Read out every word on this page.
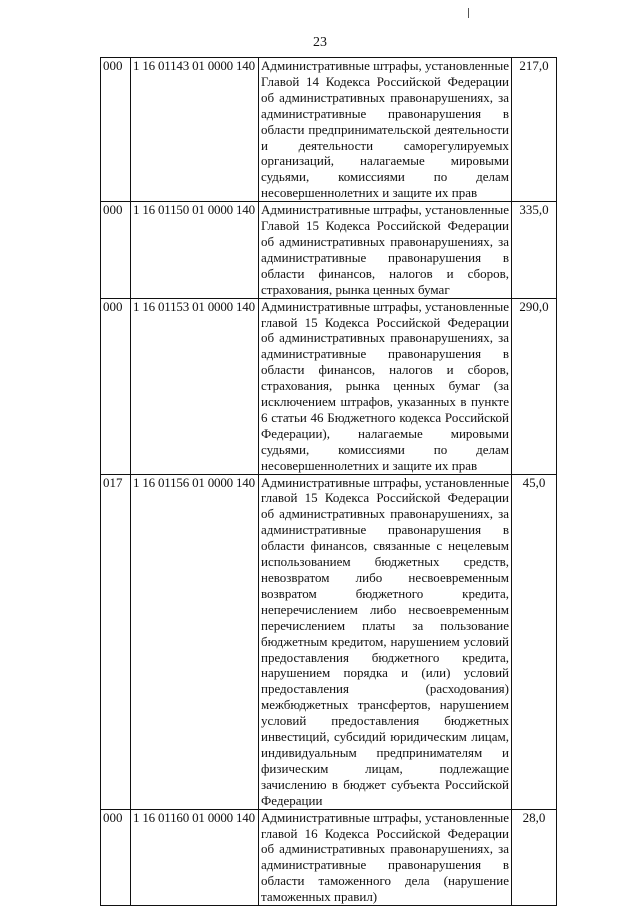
23
000	1 16 01143 01 0000 140	Административные штрафы, установленные Главой 14 Кодекса Российской Федерации об административных правонарушениях, за административные правонарушения в области предпринимательской деятельности и деятельности саморегулируемых организаций, налагаемые мировыми судьями, комиссиями по делам несовершеннолетних и защите их прав	217,0
000	1 16 01150 01 0000 140	Административные штрафы, установленные Главой 15 Кодекса Российской Федерации об административных правонарушениях, за административные правонарушения в области финансов, налогов и сборов, страхования, рынка ценных бумаг	335,0
000	1 16 01153 01 0000 140	Административные штрафы, установленные главой 15 Кодекса Российской Федерации об административных правонарушениях, за административные правонарушения в области финансов, налогов и сборов, страхования, рынка ценных бумаг (за исключением штрафов, указанных в пункте 6 статьи 46 Бюджетного кодекса Российской Федерации), налагаемые мировыми судьями, комиссиями по делам несовершеннолетних и защите их прав	290,0
017	1 16 01156 01 0000 140	Административные штрафы, установленные главой 15 Кодекса Российской Федерации об административных правонарушениях, за административные правонарушения в области финансов, связанные с нецелевым использованием бюджетных средств, невозвратом либо несвоевременным возвратом бюджетного кредита, неперечислением либо несвоевременным перечислением платы за пользование бюджетным кредитом, нарушением условий предоставления бюджетного кредита, нарушением порядка и (или) условий предоставления (расходования) межбюджетных трансфертов, нарушением условий предоставления бюджетных инвестиций, субсидий юридическим лицам, индивидуальным предпринимателям и физическим лицам, подлежащие зачислению в бюджет субъекта Российской Федерации	45,0
000	1 16 01160 01 0000 140	Административные штрафы, установленные главой 16 Кодекса Российской Федерации об административных правонарушениях, за административные правонарушения в области таможенного дела (нарушение таможенных правил)	28,0
